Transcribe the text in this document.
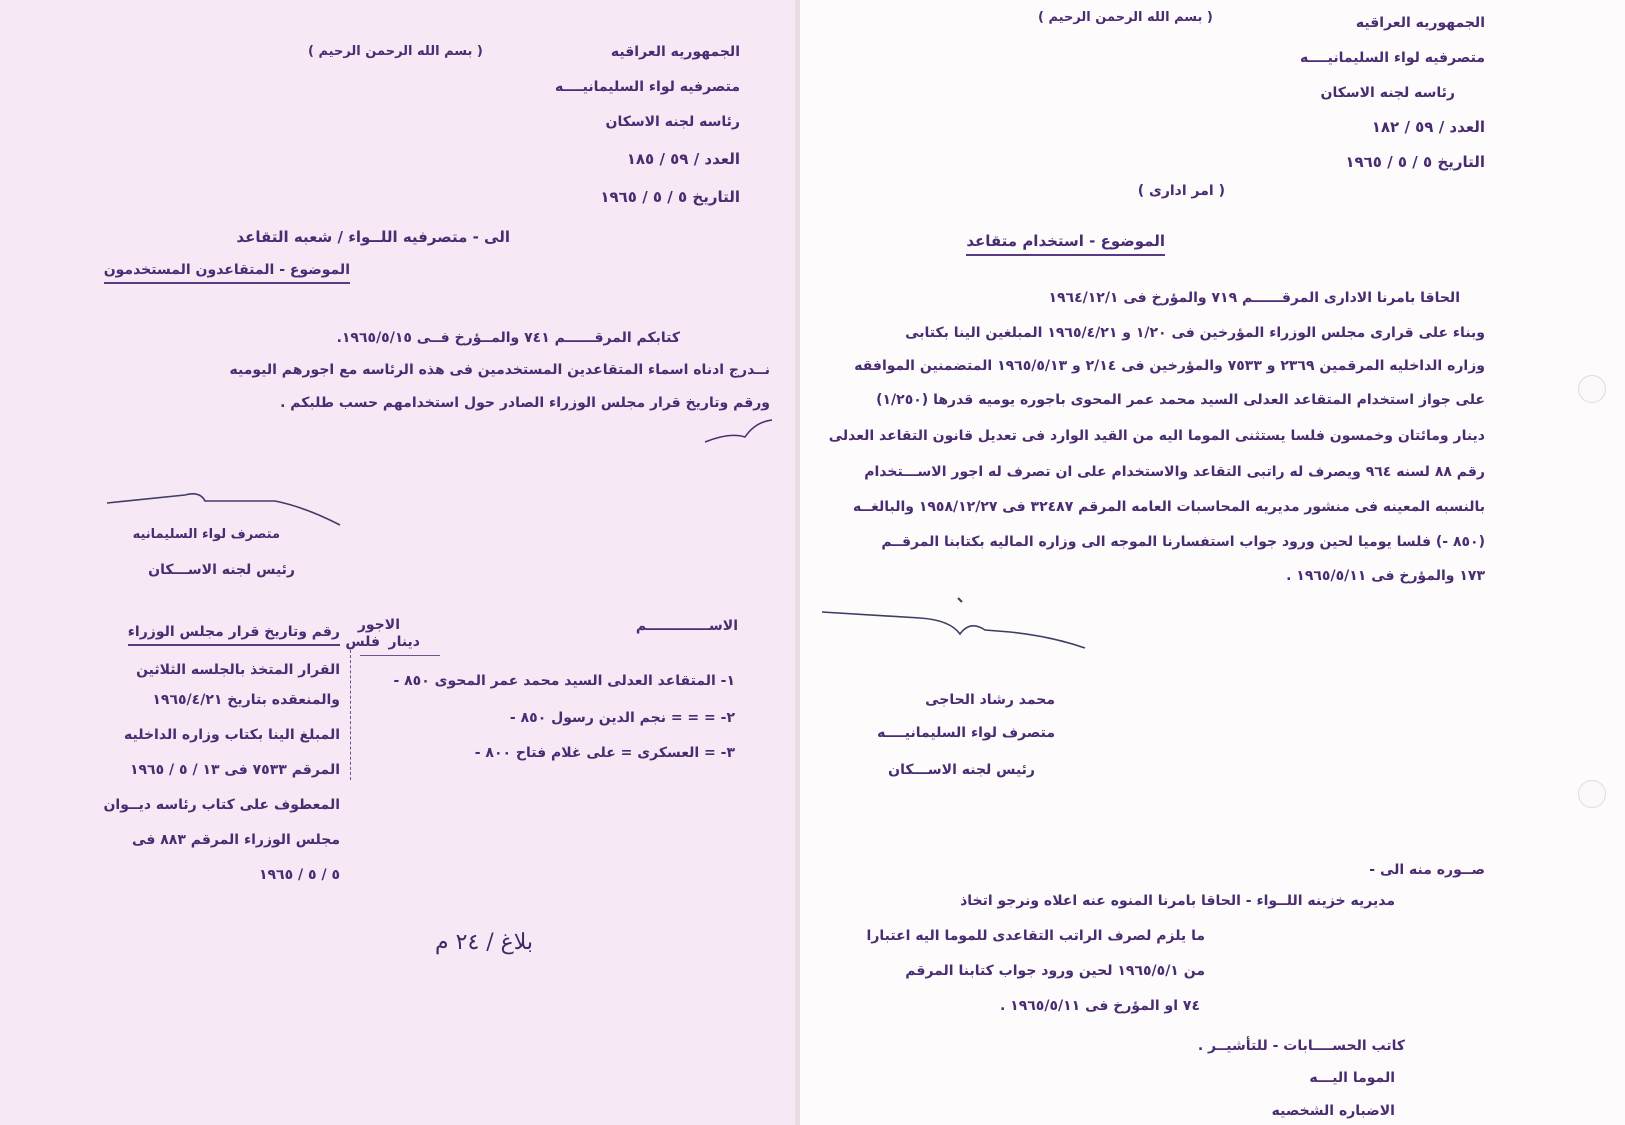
( بسم الله الرحمن الرحيم )	الجمهوريه العراقيه
متصرفيه لواء السليمانيــــه
رئاسه لجنه الاسكان
العدد / ٥٩ / ١٨٥
التاريخ ٥ / ٥ / ١٩٦٥
الى - متصرفيه اللــواء / شعبه التقاعد
الموضوع - المتقاعدون المستخدمون
كتابكم المرقــــــم ٧٤١ والمــؤرخ فــى ١٩٦٥/٥/١٥.
نــدرج ادناه اسماء المتقاعدين المستخدمين فى هذه الرئاسه مع اجورهم اليوميه
ورقم وتاريخ قرار مجلس الوزراء الصادر حول استخدامهم حسب طلبكم .
متصرف لواء السليمانيه
رئيس لجنه الاســـكان
الاســـــــــــــم
الاجور
فلس دينار
رقم وتاريخ قرار مجلس الوزراء
١- المتقاعد العدلى السيد محمد عمر المحوى ٨٥٠ -
٢- = = = نجم الدين رسول ٨٥٠ -
٣- = العسكرى = على غلام فتاح ٨٠٠ -
القرار المتخذ بالجلسه الثلاثين
والمنعقده بتاريخ ١٩٦٥/٤/٢١
المبلغ الينا بكتاب وزاره الداخليه
المرقم ٧٥٣٣ فى ١٣ / ٥ / ١٩٦٥
المعطوف على كتاب رئاسه ديــوان
مجلس الوزراء المرقم ٨٨٣ فى
٥ / ٥ / ١٩٦٥
بلاغ / ٢٤ م
( بسم الله الرحمن الرحيم )	الجمهوريه العراقيه
متصرفيه لواء السليمانيــــه
رئاسه لجنه الاسكان
العدد / ٥٩ / ١٨٢
التاريخ ٥ / ٥ / ١٩٦٥
( امر ادارى )
الموضوع - استخدام متقاعد
الحاقا بامرنا الادارى المرقــــــم ٧١٩ والمؤرخ فى ١٩٦٤/١٢/١
وبناء على قرارى مجلس الوزراء المؤرخين فى ١/٢٠ و ١٩٦٥/٤/٢١ المبلغين الينا بكتابى
وزاره الداخليه المرقمين ٢٣٦٩ و ٧٥٣٣ والمؤرخين فى ٢/١٤ و ١٩٦٥/٥/١٣ المتضمنين الموافقه
على جواز استخدام المتقاعد العدلى السيد محمد عمر المحوى باجوره يوميه قدرها (١/٢٥٠)
دينار ومائتان وخمسون فلسا يستثنى الموما اليه من القيد الوارد فى تعديل قانون التقاعد العدلى
رقم ٨٨ لسنه ٩٦٤ ويصرف له راتبى التقاعد والاستخدام على ان تصرف له اجور الاســـتخدام
بالنسبه المعينه فى منشور مديريه المحاسبات العامه المرقم ٣٢٤٨٧ فى ١٩٥٨/١٢/٢٧ والبالغــه
(٨٥٠ -) فلسا يوميا لحين ورود جواب استفسارنا الموجه الى وزاره الماليه بكتابنا المرقــم
١٧٣ والمؤرخ فى ١٩٦٥/٥/١١ .
محمد رشاد الحاجى
متصرف لواء السليمانيــــه
رئيس لجنه الاســـكان
صــوره منه الى -
مديريه خزينه اللــواء - الحاقا بامرنا المنوه عنه اعلاه ونرجو اتخاذ
ما يلزم لصرف الراتب التقاعدى للموما اليه اعتبارا
من ١٩٦٥/٥/١ لحين ورود جواب كتابنا المرقم
٧٤ او المؤرخ فى ١٩٦٥/٥/١١ .
كاتب الحســــابات - للتأشيــر .
الموما اليـــه
الاضباره الشخصيه
